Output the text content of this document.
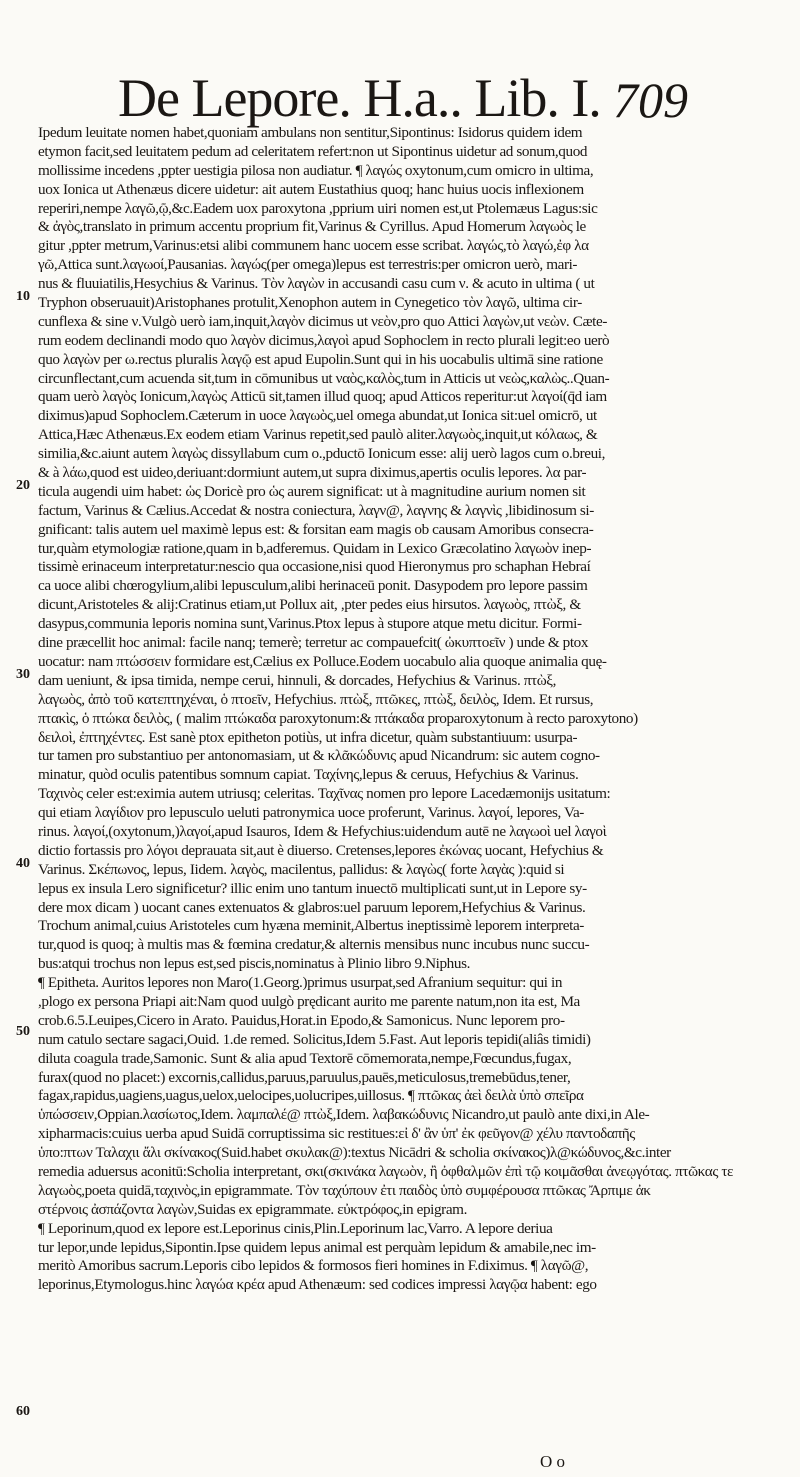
De Lepore. H.a.. Lib. I. 709
10
20
30
40
50
60
Ipedum leuitate nomen habet,quoniam ambulans non sentitur,Sipontinus: Isidorus quidem idem
etymon facit,sed leuitatem pedum ad celeritatem refert:non ut Sipontinus uidetur ad sonum,quod
mollissime incedens ,ppter uestigia pilosa non audiatur. ¶ λαγώς oxytonum,cum omicro in ultima,
uox Ionica ut Athenæus dicere uidetur: ait autem Eustathius quoq; hanc huius uocis inflexionem
reperiri,nempe λαγῶ,ῷ,&c.Eadem uox paroxytona ,pprium uiri nomen est,ut Ptolemæus Lagus:sic
& ἀγὸς,translato in primum accentu proprium fit,Varinus & Cyrillus. Apud Homerum λαγωὸς le
gitur ,ppter metrum,Varinus:etsi alibi communem hanc uocem esse scribat. λαγώς,τὸ λαγώ,ἐφ λα
γῶ,Attica sunt.λαγωοί,Pausanias. λαγώς(per omega)lepus est terrestris:per omicron uerò, mari-
nus & fluuiatilis,Hesychius & Varinus. Τὸν λαγὼν in accusandi casu cum ν. & acuto in ultima ( ut
Tryphon obseruauit)Aristophanes protulit,Xenophon autem in Cynegetico τὸν λαγῶ, ultima cir-
cunflexa & sine ν.Vulgò uerò iam,inquit,λαγὸν dicimus ut νεὸν,pro quo Attici λαγὼν,ut νεὼν. Cæte-
rum eodem declinandi modo quo λαγὸν dicimus,λαγοὶ apud Sophoclem in recto plurali legit:eo uerò
quo λαγὼν per ω.rectus pluralis λαγῷ est apud Eupolin.Sunt qui in his uocabulis ultimā sine ratione
circunflectant,cum acuenda sit,tum in cōmunibus ut ναὸς,καλὸς,tum in Atticis ut νεὼς,καλὼς..Quan-
quam uerò λαγὸς Ionicum,λαγὼς Atticū sit,tamen illud quoq; apud Atticos reperitur:ut λαγοί(q̄d iam
diximus)apud Sophoclem.Cæterum in uoce λαγωὸς,uel omega abundat,ut Ionica sit:uel omicrō, ut
Attica,Hæc Athenæus.Ex eodem etiam Varinus repetit,sed paulò aliter.λαγωὸς,inquit,ut κόλαως, &
similia,&c.aiunt autem λαγὼς dissyllabum cum o.,pductō Ionicum esse: alij uerò lagos cum o.breui,
& à λάω,quod est uideo,deriuant:dormiunt autem,ut supra diximus,apertis oculis lepores. λα par-
ticula augendi uim habet: ὡς Doricè pro ὡς aurem significat: ut à magnitudine aurium nomen sit
factum, Varinus & Cælius.Accedat & nostra coniectura, λαγν@, λαγνης & λαγνὶς ,libidinosum si-
gnificant: talis autem uel maximè lepus est: & forsitan eam magis ob causam Amoribus consecra-
tur,quàm etymologiæ ratione,quam in b,adferemus. Quidam in Lexico Græcolatino λαγωὸν inep-
tissimè erinaceum interpretatur:nescio qua occasione,nisi quod Hieronymus pro schaphan Hebraí
ca uoce alibi chœrogylium,alibi lepusculum,alibi herinaceū ponit. Dasypodem pro lepore passim
dicunt,Aristoteles & alij:Cratinus etiam,ut Pollux ait, ,pter pedes eius hirsutos. λαγωὸς, πτὼξ, &
dasypus,communia leporis nomina sunt,Varinus.Ptox lepus à stupore atque metu dicitur. Formi-
dine præcellit hoc animal: facile nanq; temerè; terretur ac compauefcit( ὠκυπτοεῖν ) unde & ptox
uocatur: nam πτώσσειν formidare est,Cælius ex Polluce.Eodem uocabulo alia quoque animalia quę-
dam ueniunt, & ipsa timida, nempe cerui, hinnuli, & dorcades, Hefychius & Varinus. πτὼξ,
λαγωὸς, ἀπὸ τοῦ κατεπτηχέναι, ὁ πτοεῖν, Hefychius. πτὼξ, πτῶκες, πτὼξ, δειλὸς, Idem. Et rursus,
πτακὶς, ὁ πτώκα δειλὸς, ( malim πτώκαδα paroxytonum:& πτάκαδα proparoxytonum à recto paroxytono)
δειλοὶ, ἐπτηχέντες. Est sanè ptox epitheton potiùs, ut infra dicetur, quàm substantiuum: usurpa-
tur tamen pro substantiuo per antonomasiam, ut & κλᾶκώδυνις apud Nicandrum: sic autem cogno-
minatur, quòd oculis patentibus somnum capiat. Ταχίνης,lepus & ceruus, Hefychius & Varinus.
Ταχινὸς celer est:eximia autem utriusq; celeritas. Ταχῖνας nomen pro lepore Lacedæmonijs usitatum:
qui etiam λαγίδιον pro lepusculo ueluti patronymica uoce proferunt, Varinus. λαγοί, lepores, Va-
rinus. λαγοί,(oxytonum,)λαγοί,apud Isauros, Idem & Hefychius:uidendum autē ne λαγωοὶ uel λαγοὶ
dictio fortassis pro λόγοι deprauata sit,aut è diuerso. Cretenses,lepores ἐκώνας uocant, Hefychius &
Varinus. Σκέπωνος, lepus, Iidem. λαγὸς, macilentus, pallidus: & λαγὼς( forte λαγὰς ):quid si
lepus ex insula Lero significetur? illic enim uno tantum inuectō multiplicati sunt,ut in Lepore sy-
dere mox dicam ) uocant canes extenuatos & glabros:uel paruum leporem,Hefychius & Varinus.
Trochum animal,cuius Aristoteles cum hyæna meminit,Albertus ineptissimè leporem interpreta-
tur,quod is quoq; à multis mas & fœmina credatur,& alternis mensibus nunc incubus nunc succu-
bus:atqui trochus non lepus est,sed piscis,nominatus à Plinio libro 9.Niphus.
¶ Epitheta. Auritos lepores non Maro(1.Georg.)primus usurpat,sed Afranium sequitur: qui in
,plogo ex persona Priapi ait:Nam quod uulgò prędicant aurito me parente natum,non ita est, Ma
crob.6.5.Leuipes,Cicero in Arato. Pauidus,Horat.in Epodo,& Samonicus. Nunc leporem pro-
num catulo sectare sagaci,Ouid. 1.de remed. Solicitus,Idem 5.Fast. Aut leporis tepidi(aliâs timidi)
diluta coagula trade,Samonic. Sunt & alia apud Textorē cōmemorata,nempe,Fœcundus,fugax,
furax(quod no placet:) excornis,callidus,paruus,paruulus,pauēs,meticulosus,tremebūdus,tener,
fagax,rapidus,uagiens,uagus,uelox,uelocipes,uolucripes,uillosus. ¶ πτῶκας ἀεὶ δειλὰ ὑπὸ σπεῖρα
ὑπώσσειν,Oppian.λασίωτος,Idem. λαμπαλέ@ πτὼξ,Idem. λαβακώδυνις Nicandro,ut paulò ante dixi,in Ale-
xipharmacis:cuius uerba apud Suidā corruptissima sic restitues:εἰ δ' ἂν ὑπ' ἐκ φεῦγον@ χέλυ παντοδαπῆς
ὑπο:πτων Ταλαχιι ἄλι σκίνακος(Suid.habet σκυλακ@):textus Nicādri & scholia σκίνακος)λ@κώδυνος,&c.inter
remedia aduersus aconitū:Scholia interpretant, σκι(σκινάκα λαγωὸν, ἢ ὀφθαλμῶν ἐπὶ τῷ κοιμᾶσθαι ἀνεῳγότας. πτῶκας τε
λαγωὸς,poeta quidā,ταχινὸς,in epigrammate. Τὸν ταχύπουν ἐτι παιδὸς ὑπὸ συμφέρουσα πτῶκας Ἄρπιμε ἀκ
στέρνοις ἀσπάζοντα λαγὼν,Suidas ex epigrammate. εὐκτρόφος,in epigram.
¶ Leporinum,quod ex lepore est.Leporinus cinis,Plin.Leporinum lac,Varro. A lepore deriua
tur lepor,unde lepidus,Sipontin.Ipse quidem lepus animal est perquàm lepidum & amabile,nec im-
meritò Amoribus sacrum.Leporis cibo lepidos & formosos fieri homines in F.diximus. ¶ λαγῶ@,
leporinus,Etymologus.hinc λαγώα κρέα apud Athenæum: sed codices impressi λαγῷα habent: ego
O o
